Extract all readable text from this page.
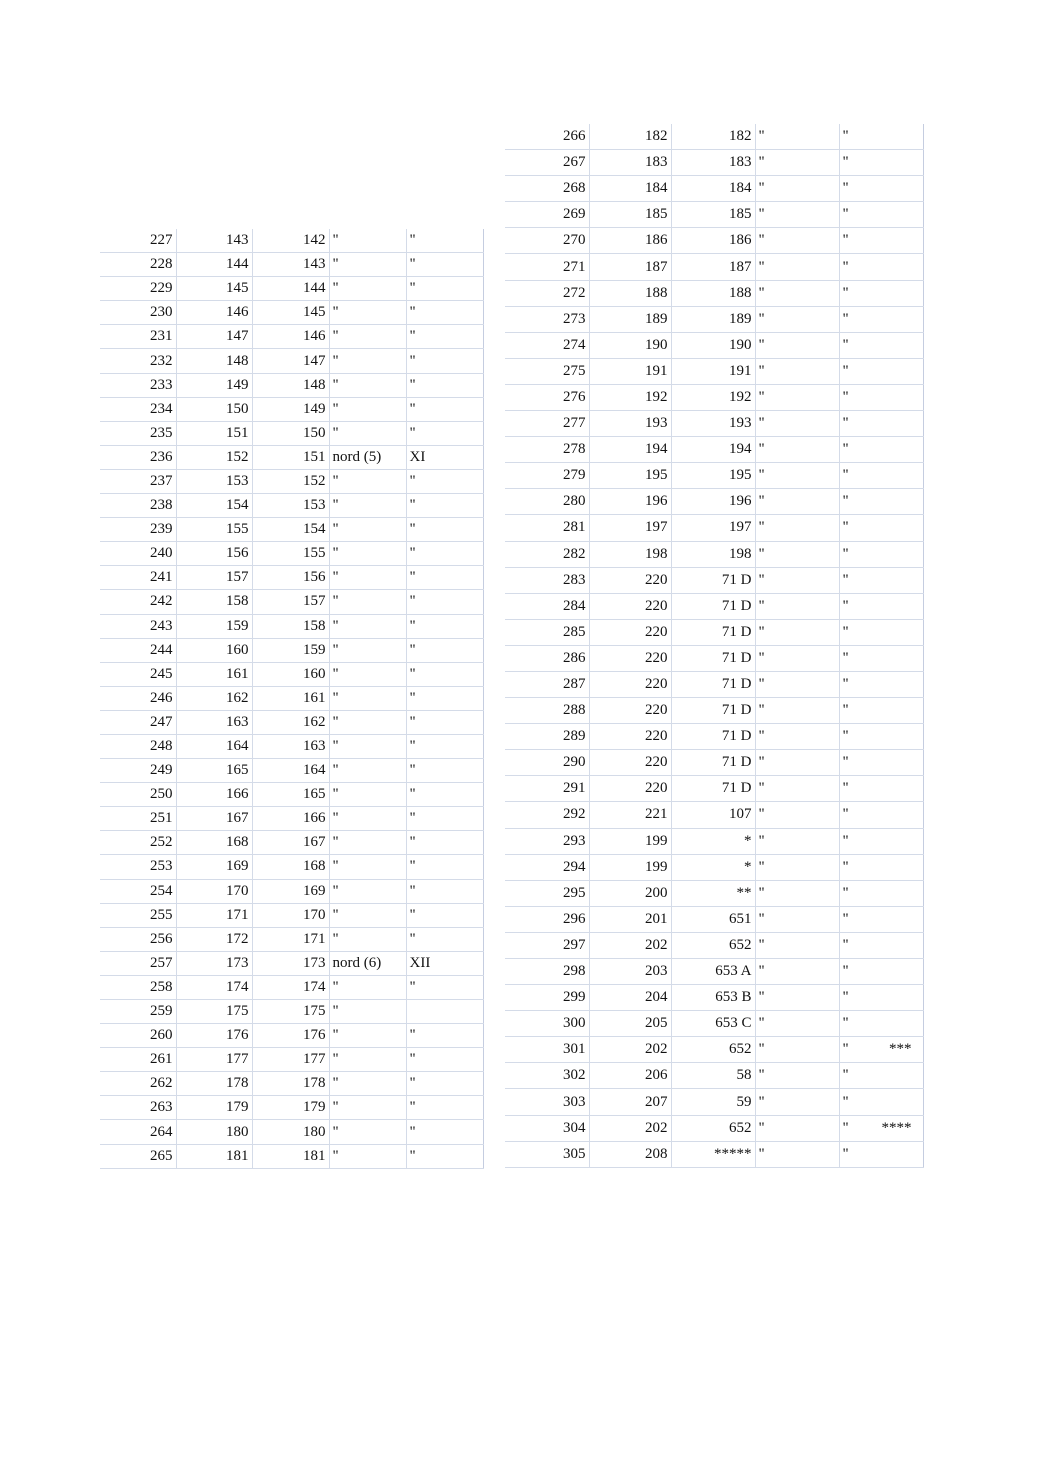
227	143	142	"	"
228	144	143	"	"
229	145	144	"	"
230	146	145	"	"
231	147	146	"	"
232	148	147	"	"
233	149	148	"	"
234	150	149	"	"
235	151	150	"	"
236	152	151	nord (5)	XI
237	153	152	"	"
238	154	153	"	"
239	155	154	"	"
240	156	155	"	"
241	157	156	"	"
242	158	157	"	"
243	159	158	"	"
244	160	159	"	"
245	161	160	"	"
246	162	161	"	"
247	163	162	"	"
248	164	163	"	"
249	165	164	"	"
250	166	165	"	"
251	167	166	"	"
252	168	167	"	"
253	169	168	"	"
254	170	169	"	"
255	171	170	"	"
256	172	171	"	"
257	173	173	nord (6)	XII
258	174	174	"	"
259	175	175	"	
260	176	176	"	"
261	177	177	"	"
262	178	178	"	"
263	179	179	"	"
264	180	180	"	"
265	181	181	"	"
266	182	182	"	"

267	183	183	"	"

268	184	184	"	"

269	185	185	"	"

270	186	186	"	"

271	187	187	"	"

272	188	188	"	"

273	189	189	"	"

274	190	190	"	"

275	191	191	"	"

276	192	192	"	"

277	193	193	"	"

278	194	194	"	"

279	195	195	"	"

280	196	196	"	"

281	197	197	"	"

282	198	198	"	"

283	220	71 D	"	"

284	220	71 D	"	"

285	220	71 D	"	"

286	220	71 D	"	"

287	220	71 D	"	"

288	220	71 D	"	"

289	220	71 D	"	"

290	220	71 D	"	"

291	220	71 D	"	"

292	221	107	"	"

293	199	*	"	"

294	199	*	"	"

295	200	**	"	"

296	201	651	"	"

297	202	652	"	"

298	203	653 A	"	"

299	204	653 B	"	"

300	205	653 C	"	"

301	202	652	"	" ***

302	206	58	"	"

303	207	59	"	"

304	202	652	"	" ****

305	208	*****	"	"
